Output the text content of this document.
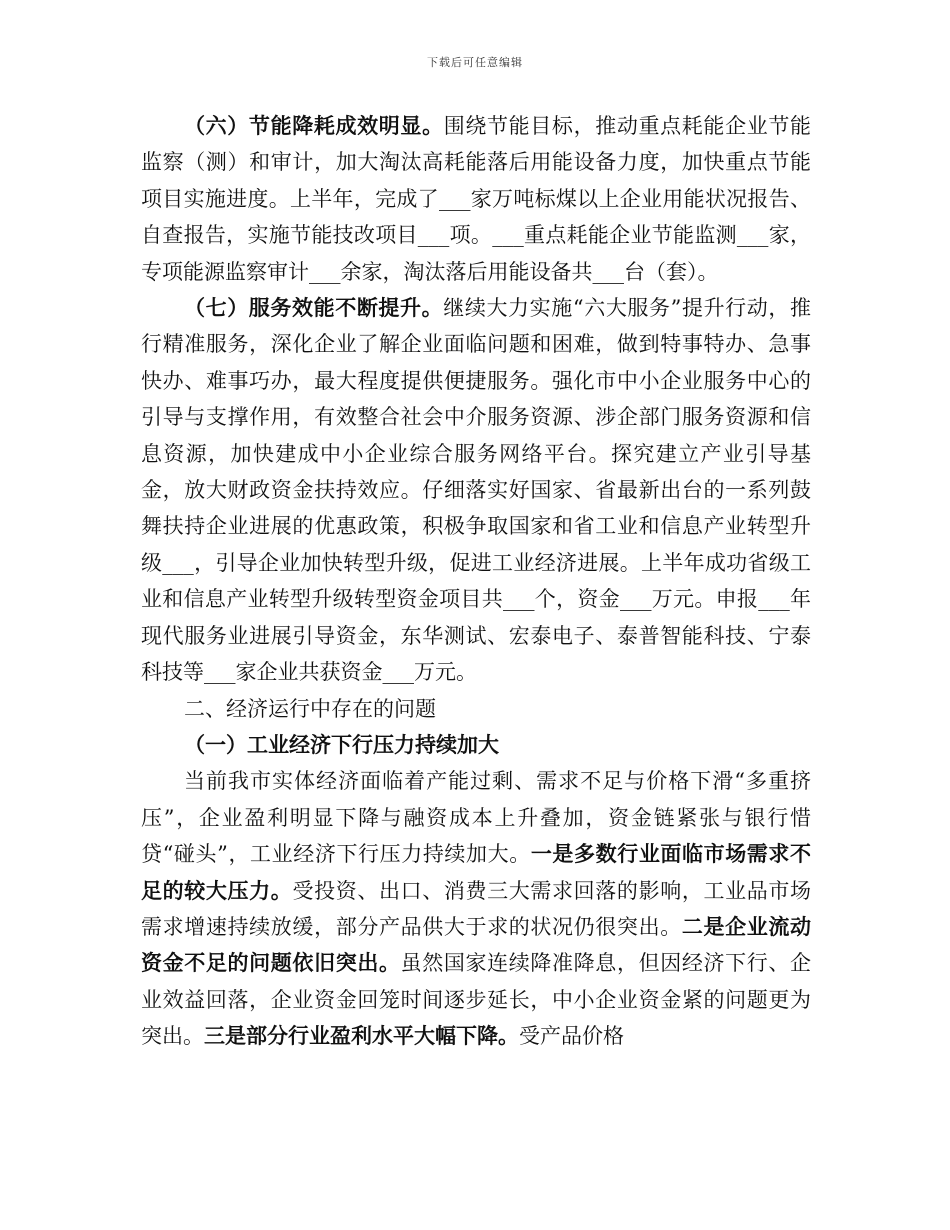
下载后可任意编辑

（六）节能降耗成效明显。围绕节能目标，推动重点耗能企业节能监察（测）和审计，加大淘汰高耗能落后用能设备力度，加快重点节能项目实施进度。上半年，完成了___家万吨标煤以上企业用能状况报告、自查报告，实施节能技改项目___项。___重点耗能企业节能监测___家，专项能源监察审计___余家，淘汰落后用能设备共___台（套）。

（七）服务效能不断提升。继续大力实施“六大服务”提升行动，推行精准服务，深化企业了解企业面临问题和困难，做到特事特办、急事快办、难事巧办，最大程度提供便捷服务。强化市中小企业服务中心的引导与支撑作用，有效整合社会中介服务资源、涉企部门服务资源和信息资源，加快建成中小企业综合服务网络平台。探究建立产业引导基金，放大财政资金扶持效应。仔细落实好国家、省最新出台的一系列鼓舞扶持企业进展的优惠政策，积极争取国家和省工业和信息产业转型升级___，引导企业加快转型升级，促进工业经济进展。上半年成功省级工业和信息产业转型升级转型资金项目共___个，资金___万元。申报___年现代服务业进展引导资金，东华测试、宏泰电子、泰普智能科技、宁泰科技等___家企业共获资金___万元。

二、经济运行中存在的问题

（一）工业经济下行压力持续加大

当前我市实体经济面临着产能过剩、需求不足与价格下滑“多重挤压”，企业盈利明显下降与融资成本上升叠加，资金链紧张与银行惜贷“碰头”，工业经济下行压力持续加大。一是多数行业面临市场需求不足的较大压力。受投资、出口、消费三大需求回落的影响，工业品市场需求增速持续放缓，部分产品供大于求的状况仍很突出。二是企业流动资金不足的问题依旧突出。虽然国家连续降准降息，但因经济下行、企业效益回落，企业资金回笼时间逐步延长，中小企业资金紧的问题更为突出。三是部分行业盈利水平大幅下降。受产品价格
